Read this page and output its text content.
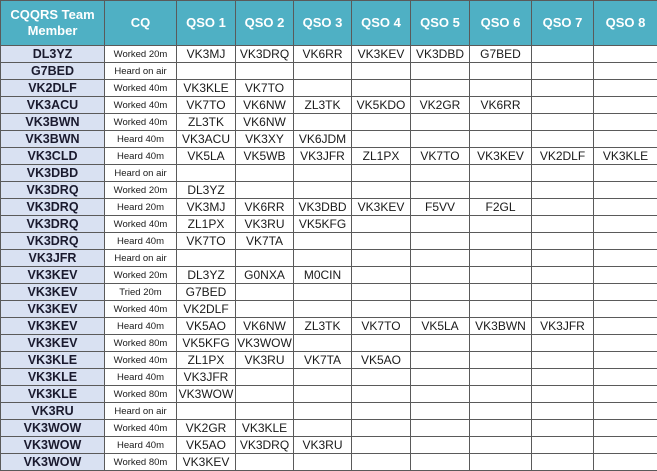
CQQRS Team Member	CQ	QSO 1	QSO 2	QSO 3	QSO 4	QSO 5	QSO 6	QSO 7	QSO 8
DL3YZ	Worked 20m	VK3MJ	VK3DRQ	VK6RR	VK3KEV	VK3DBD	G7BED		
G7BED	Heard on air								
VK2DLF	Worked 40m	VK3KLE	VK7TO						
VK3ACU	Worked 40m	VK7TO	VK6NW	ZL3TK	VK5KDO	VK2GR	VK6RR		
VK3BWN	Worked 40m	ZL3TK	VK6NW						
VK3BWN	Heard 40m	VK3ACU	VK3XY	VK6JDM					
VK3CLD	Heard 40m	VK5LA	VK5WB	VK3JFR	ZL1PX	VK7TO	VK3KEV	VK2DLF	VK3KLE
VK3DBD	Heard on air								
VK3DRQ	Worked 20m	DL3YZ							
VK3DRQ	Heard 20m	VK3MJ	VK6RR	VK3DBD	VK3KEV	F5VV	F2GL		
VK3DRQ	Worked 40m	ZL1PX	VK3RU	VK5KFG					
VK3DRQ	Heard 40m	VK7TO	VK7TA						
VK3JFR	Heard on air								
VK3KEV	Worked 20m	DL3YZ	G0NXA	M0CIN					
VK3KEV	Tried 20m	G7BED							
VK3KEV	Worked 40m	VK2DLF							
VK3KEV	Heard 40m	VK5AO	VK6NW	ZL3TK	VK7TO	VK5LA	VK3BWN	VK3JFR	
VK3KEV	Worked 80m	VK5KFG	VK3WOW						
VK3KLE	Worked 40m	ZL1PX	VK3RU	VK7TA	VK5AO				
VK3KLE	Heard 40m	VK3JFR							
VK3KLE	Worked 80m	VK3WOW							
VK3RU	Heard on air								
VK3WOW	Worked 40m	VK2GR	VK3KLE						
VK3WOW	Heard 40m	VK5AO	VK3DRQ	VK3RU					
VK3WOW	Worked 80m	VK3KEV							
